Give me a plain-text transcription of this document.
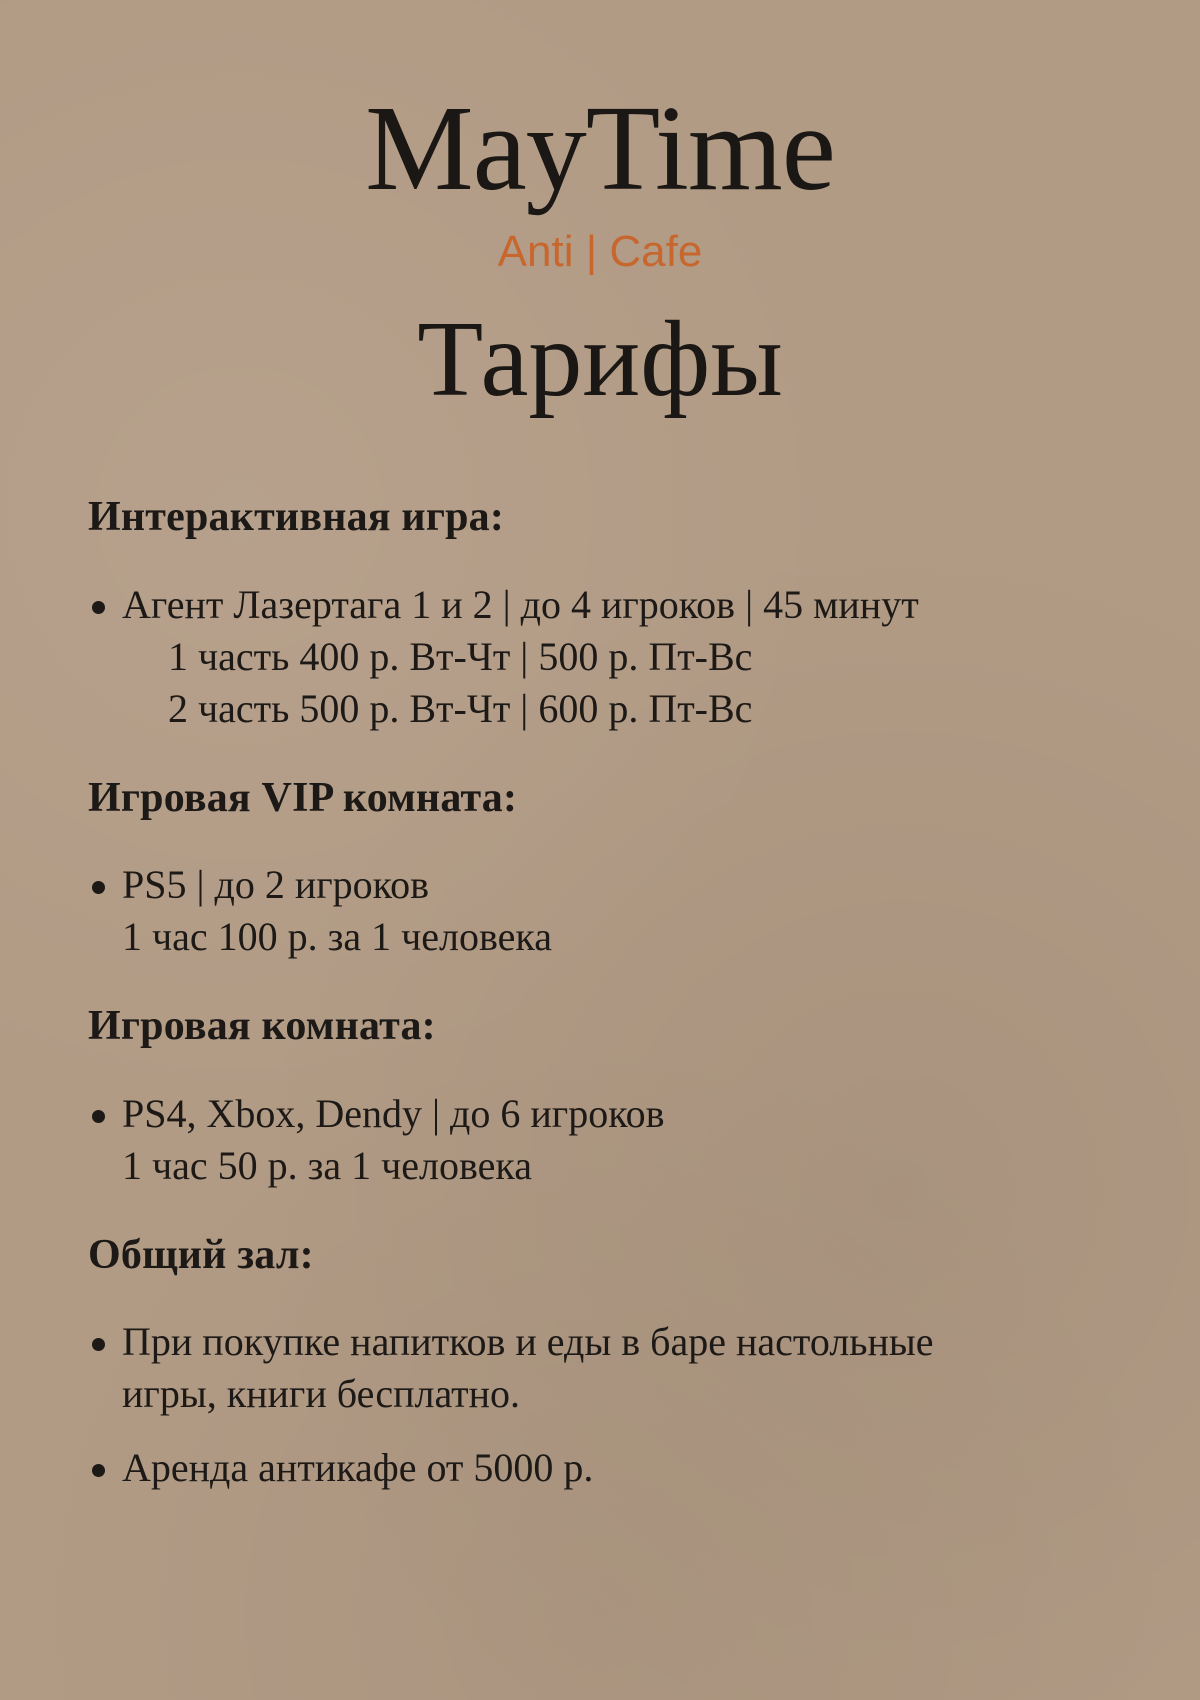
MayTime
Anti | Cafe
Тарифы
Интерактивная игра:
Агент Лазертага 1 и 2 | до 4 игроков | 45 минут
1 часть 400 р. Вт-Чт | 500 р. Пт-Вс
2 часть 500 р. Вт-Чт | 600 р. Пт-Вс
Игровая VIP комната:
PS5 | до 2 игроков
1 час 100 р. за 1 человека
Игровая комната:
PS4, Xbox, Dendy | до 6 игроков
1 час 50 р. за 1 человека
Общий зал:
При покупке напитков и еды в баре настольные
игры, книги бесплатно.
Аренда антикафе от 5000 р.
